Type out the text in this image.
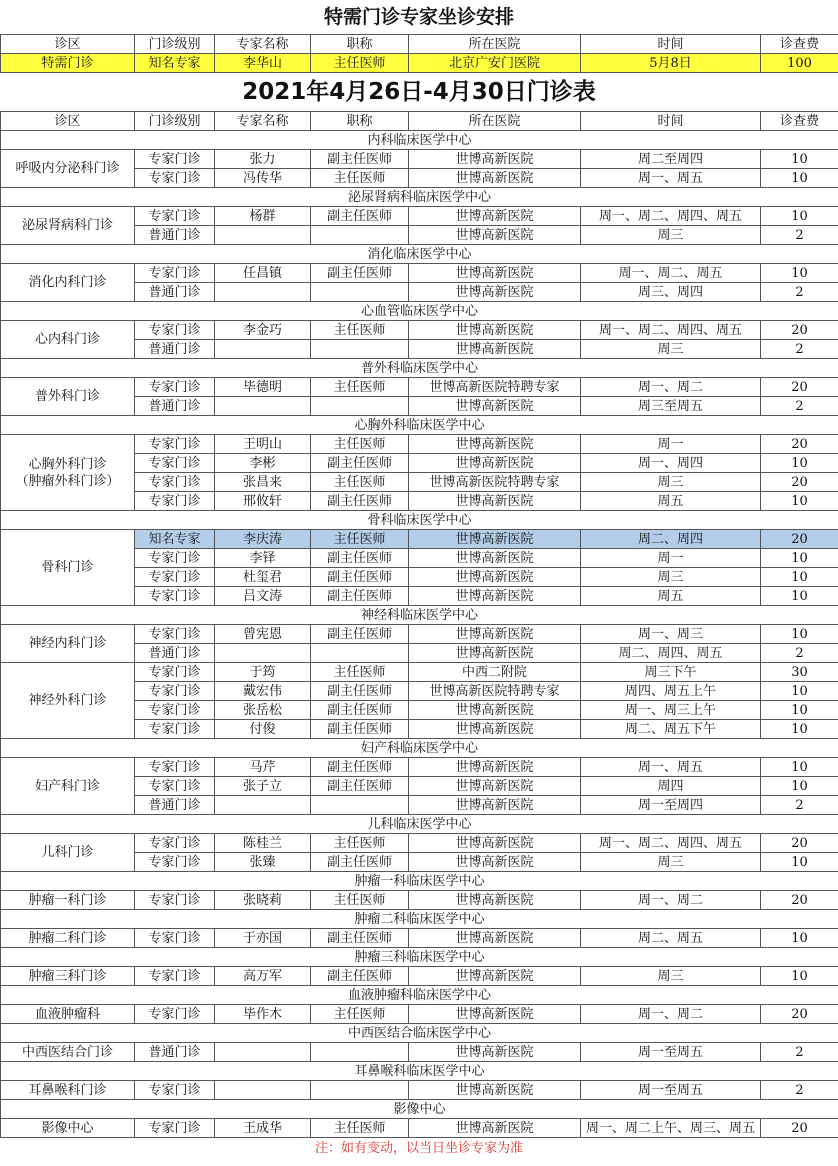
特需门诊专家坐诊安排
诊区	门诊级别	专家名称	职称	所在医院	时间	诊查费
特需门诊	知名专家	李华山	主任医师	北京广安门医院	5月8日	100
2021年4月26日-4月30日门诊表
诊区	门诊级别	专家名称	职称	所在医院	时间	诊查费
内科临床医学中心						

呼吸内分泌科门诊	专家门诊	张力	副主任医师	世博高新医院	周二至周四	10
	专家门诊	冯传华	主任医师	世博高新医院	周一、周五	10
泌尿肾病科临床医学中心						

泌尿肾病科门诊	专家门诊	杨群	副主任医师	世博高新医院	周一、周二、周四、周五	10
	普通门诊			世博高新医院	周三	2
消化临床医学中心						

消化内科门诊	专家门诊	任昌镇	副主任医师	世博高新医院	周一、周二、周五	10
	普通门诊			世博高新医院	周三、周四	2
心血管临床医学中心						

心内科门诊	专家门诊	李金巧	主任医师	世博高新医院	周一、周二、周四、周五	20
	普通门诊			世博高新医院	周三	2
普外科临床医学中心						

普外科门诊	专家门诊	毕德明	主任医师	世博高新医院特聘专家	周一、周二	20
	普通门诊			世博高新医院	周三至周五	2
心胸外科临床医学中心						

心胸外科门诊
（肿瘤外科门诊）	专家门诊	王明山	主任医师	世博高新医院	周一	20
	专家门诊	李彬	副主任医师	世博高新医院	周一、周四	10
	专家门诊	张昌来	主任医师	世博高新医院特聘专家	周三	20
	专家门诊	邢攸轩	副主任医师	世博高新医院	周五	10
骨科临床医学中心						

骨科门诊	知名专家	李庆涛	主任医师	世博高新医院	周二、周四	20
	专家门诊	李铎	副主任医师	世博高新医院	周一	10
	专家门诊	杜玺君	副主任医师	世博高新医院	周三	10
	专家门诊	吕文涛	副主任医师	世博高新医院	周五	10
神经科临床医学中心						

神经内科门诊	专家门诊	曾宪恩	副主任医师	世博高新医院	周一、周三	10
	普通门诊			世博高新医院	周二、周四、周五	2

神经外科门诊	专家门诊	于筠	主任医师	中西二附院	周三下午	30
	专家门诊	戴宏伟	副主任医师	世博高新医院特聘专家	周四、周五上午	10
	专家门诊	张岳松	副主任医师	世博高新医院	周一、周三上午	10
	专家门诊	付俊	副主任医师	世博高新医院	周二、周五下午	10
妇产科临床医学中心						

妇产科门诊	专家门诊	马芹	副主任医师	世博高新医院	周一、周五	10
	专家门诊	张子立	副主任医师	世博高新医院	周四	10
	普通门诊			世博高新医院	周一至周四	2
儿科临床医学中心						

儿科门诊	专家门诊	陈桂兰	主任医师	世博高新医院	周一、周二、周四、周五	20
	专家门诊	张臻	副主任医师	世博高新医院	周三	10
肿瘤一科临床医学中心						

肿瘤一科门诊	专家门诊	张晓莉	主任医师	世博高新医院	周一、周二	20
肿瘤二科临床医学中心						

肿瘤二科门诊	专家门诊	于亦国	副主任医师	世博高新医院	周二、周五	10
肿瘤三科临床医学中心						

肿瘤三科门诊	专家门诊	高万军	副主任医师	世博高新医院	周三	10
血液肿瘤科临床医学中心						

血液肿瘤科	专家门诊	毕作木	主任医师	世博高新医院	周一、周二	20
中西医结合临床医学中心						

中西医结合门诊	普通门诊			世博高新医院	周一至周五	2
耳鼻喉科临床医学中心						

耳鼻喉科门诊	专家门诊			世博高新医院	周一至周五	2
影像中心						

影像中心	专家门诊	王成华	主任医师	世博高新医院	周一、周二上午、周三、周五	20
注：如有变动，以当日坐诊专家为准
